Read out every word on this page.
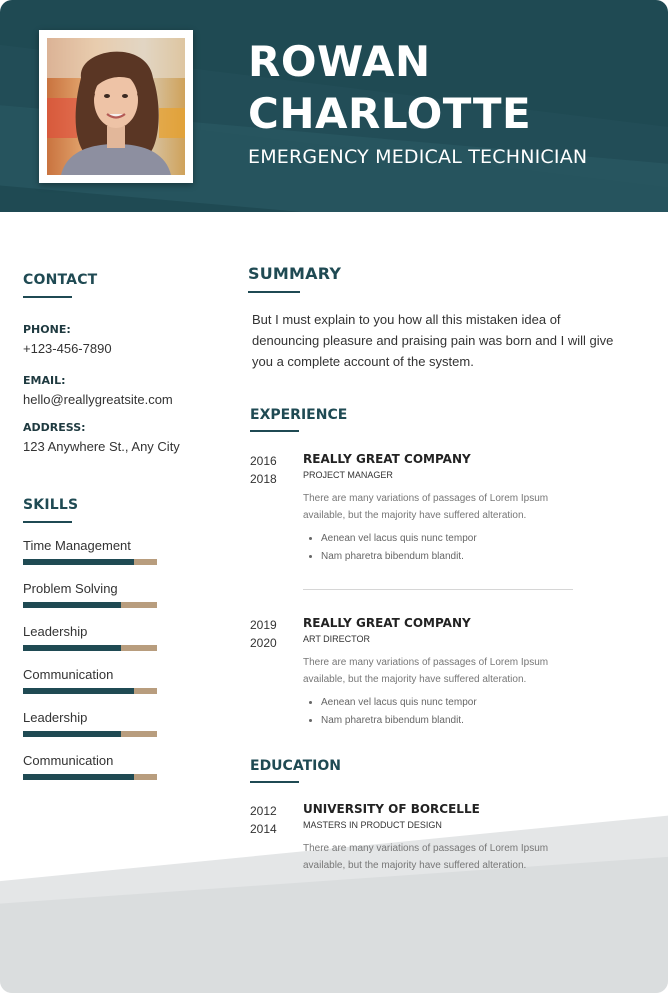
ROWAN
CHARLOTTE
EMERGENCY MEDICAL TECHNICIAN
CONTACT
PHONE:
+123-456-7890
EMAIL:
hello@reallygreatsite.com
ADDRESS:
123 Anywhere St., Any City
SKILLS
Time Management
Problem Solving
Leadership
Communication
Leadership
Communication
SUMMARY
But I must explain to you how all this mistaken idea of denouncing pleasure and praising pain was born and I will give you a complete account of the system.
EXPERIENCE
2016
2018
REALLY GREAT COMPANY
PROJECT MANAGER
There are many variations of passages of Lorem Ipsum available, but the majority have suffered alteration.
• Aenean vel lacus quis nunc tempor
• Nam pharetra bibendum blandit.
2019
2020
REALLY GREAT COMPANY
ART DIRECTOR
There are many variations of passages of Lorem Ipsum available, but the majority have suffered alteration.
• Aenean vel lacus quis nunc tempor
• Nam pharetra bibendum blandit.
EDUCATION
2012
2014
UNIVERSITY OF BORCELLE
MASTERS IN PRODUCT DESIGN
There are many variations of passages of Lorem Ipsum available, but the majority have suffered alteration.
